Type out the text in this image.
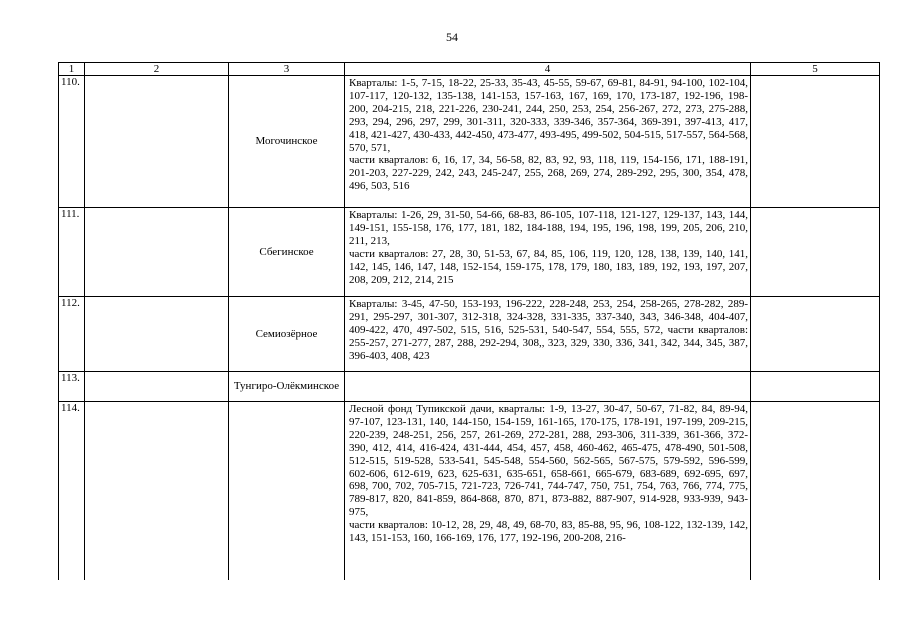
54
1	2	3	4	5
110.		Могочинское	Кварталы: 1-5, 7-15, 18-22, 25-33, 35-43, 45-55, 59-67, 69-81, 84-91, 94-100, 102-104, 107-117, 120-132, 135-138, 141-153, 157-163, 167, 169, 170, 173-187, 192-196, 198-200, 204-215, 218, 221-226, 230-241, 244, 250, 253, 254, 256-267, 272, 273, 275-288, 293, 294, 296, 297, 299, 301-311, 320-333, 339-346, 357-364, 369-391, 397-413, 417, 418, 421-427, 430-433, 442-450, 473-477, 493-495, 499-502, 504-515, 517-557, 564-568, 570, 571,

части кварталов: 6, 16, 17, 34, 56-58, 82, 83, 92, 93, 118, 119, 154-156, 171, 188-191, 201-203, 227-229, 242, 243, 245-247, 255, 268, 269, 274, 289-292, 295, 300, 354, 478, 496, 503, 516	

111.		Сбегинское	Кварталы: 1-26, 29, 31-50, 54-66, 68-83, 86-105, 107-118, 121-127, 129-137, 143, 144, 149-151, 155-158, 176, 177, 181, 182, 184-188, 194, 195, 196, 198, 199, 205, 206, 210, 211, 213,

части кварталов: 27, 28, 30, 51-53, 67, 84, 85, 106, 119, 120, 128, 138, 139, 140, 141, 142, 145, 146, 147, 148, 152-154, 159-175, 178, 179, 180, 183, 189, 192, 193, 197, 207, 208, 209, 212, 214, 215	

112.		Семиозёрное	Кварталы: 3-45, 47-50, 153-193, 196-222, 228-248, 253, 254, 258-265, 278-282, 289-291, 295-297, 301-307, 312-318, 324-328, 331-335, 337-340, 343, 346-348, 404-407, 409-422, 470, 497-502, 515, 516, 525-531, 540-547, 554, 555, 572, части кварталов: 255-257, 271-277, 287, 288, 292-294, 308,, 323, 329, 330, 336, 341, 342, 344, 345, 387, 396-403, 408, 423	

113.		Тунгиро-Олёкминское		
114.			Лесной фонд Тупикской дачи, кварталы: 1-9, 13-27, 30-47, 50-67, 71-82, 84, 89-94, 97-107, 123-131, 140, 144-150, 154-159, 161-165, 170-175, 178-191, 197-199, 209-215, 220-239, 248-251, 256, 257, 261-269, 272-281, 288, 293-306, 311-339, 361-366, 372-390, 412, 414, 416-424, 431-444, 454, 457, 458, 460-462, 465-475, 478-490, 501-508, 512-515, 519-528, 533-541, 545-548, 554-560, 562-565, 567-575, 579-592, 596-599, 602-606, 612-619, 623, 625-631, 635-651, 658-661, 665-679, 683-689, 692-695, 697, 698, 700, 702, 705-715, 721-723, 726-741, 744-747, 750, 751, 754, 763, 766, 774, 775, 789-817, 820, 841-859, 864-868, 870, 871, 873-882, 887-907, 914-928, 933-939, 943-975,

части кварталов: 10-12, 28, 29, 48, 49, 68-70, 83, 85-88, 95, 96, 108-122, 132-139, 142, 143, 151-153, 160, 166-169, 176, 177, 192-196, 200-208, 216-	
